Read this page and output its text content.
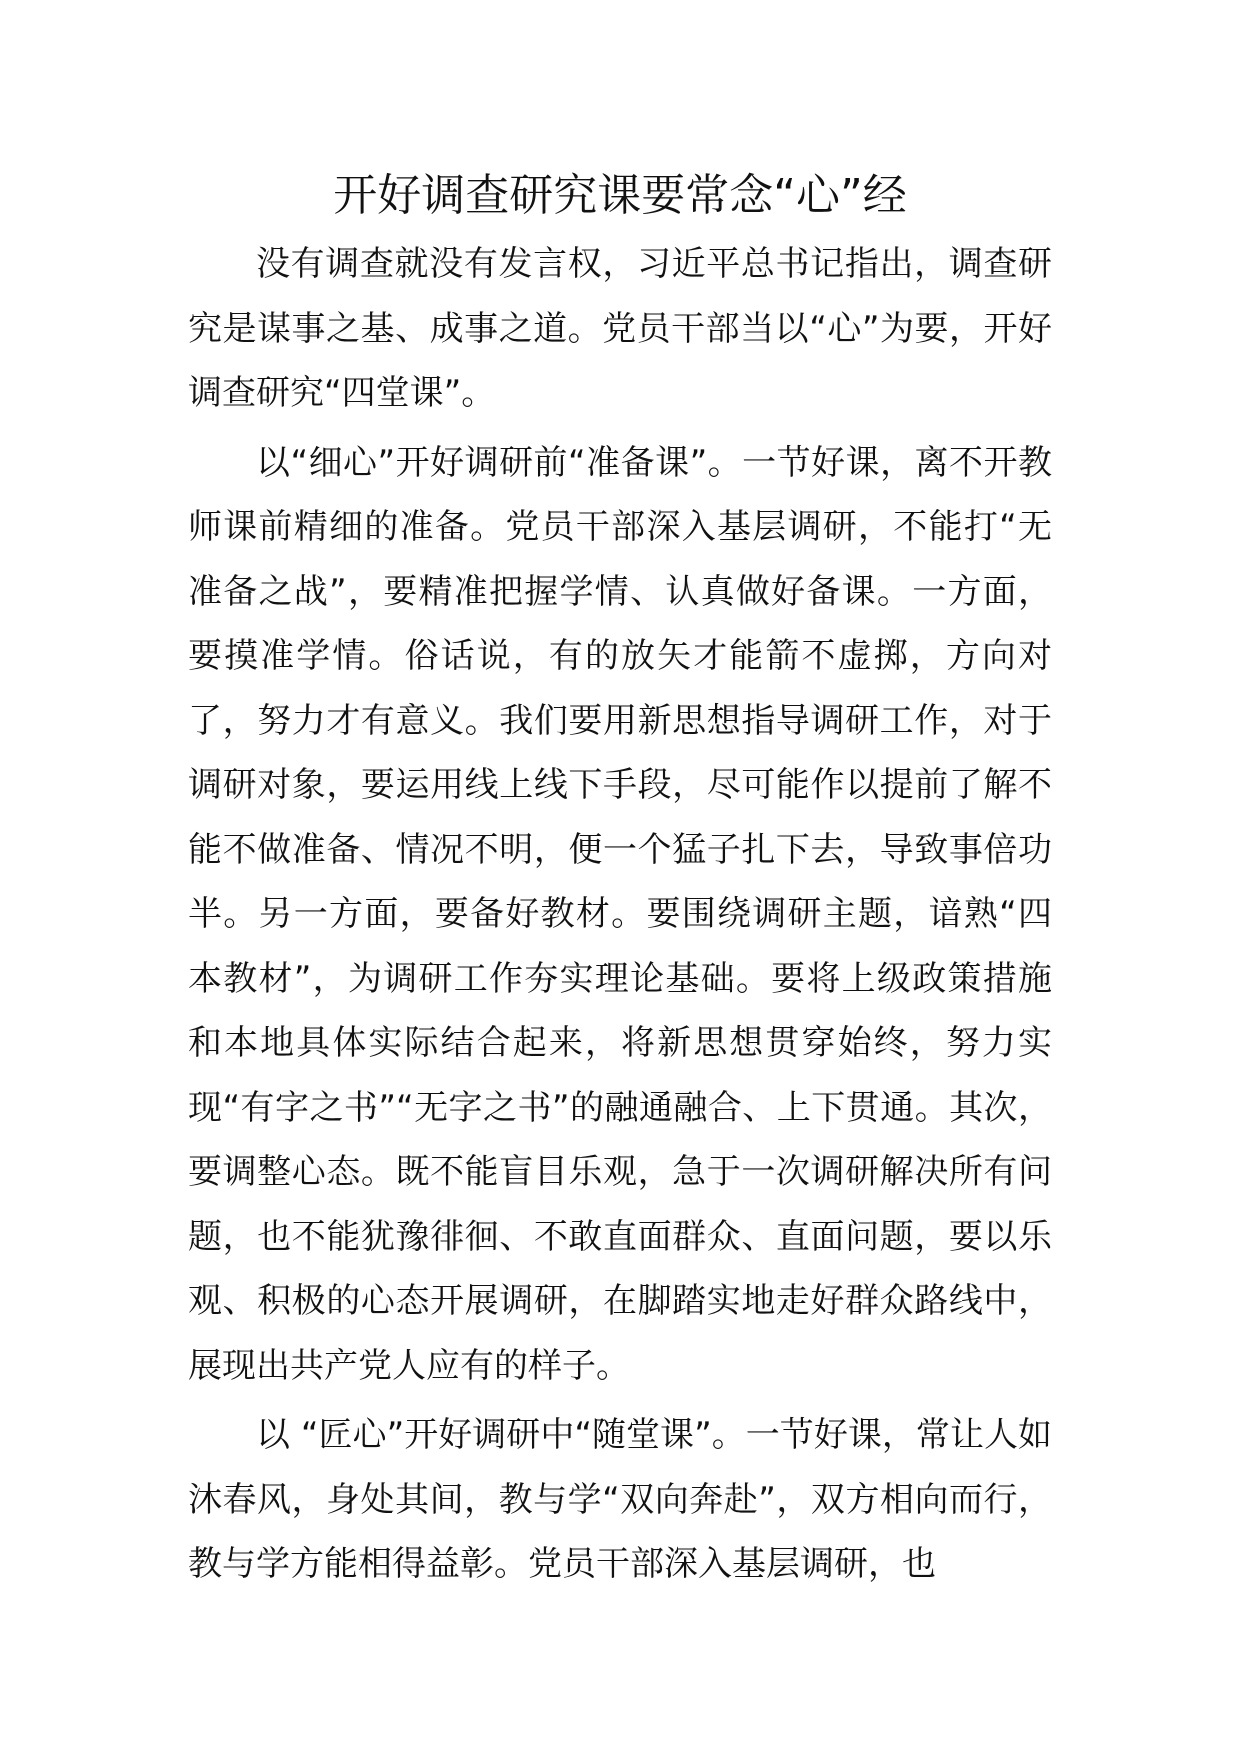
开好调查研究课要常念“心”经

没有调查就没有发言权，习近平总书记指出，调查研究是谋事之基、成事之道。党员干部当以“心”为要，开好调查研究“四堂课”。

以“细心”开好调研前“准备课”。一节好课，离不开教师课前精细的准备。党员干部深入基层调研，不能打“无准备之战”，要精准把握学情、认真做好备课。一方面，要摸准学情。俗话说，有的放矢才能箭不虚掷，方向对了，努力才有意义。我们要用新思想指导调研工作，对于调研对象，要运用线上线下手段，尽可能作以提前了解不能不做准备、情况不明，便一个猛子扎下去，导致事倍功半。另一方面，要备好教材。要围绕调研主题，谙熟“四本教材”，为调研工作夯实理论基础。要将上级政策措施和本地具体实际结合起来，将新思想贯穿始终，努力实现“有字之书”“无字之书”的融通融合、上下贯通。其次，要调整心态。既不能盲目乐观，急于一次调研解决所有问题，也不能犹豫徘徊、不敢直面群众、直面问题，要以乐观、积极的心态开展调研，在脚踏实地走好群众路线中，展现出共产党人应有的样子。

以 “匠心”开好调研中“随堂课”。一节好课，常让人如沐春风，身处其间，教与学“双向奔赴”，双方相向而行，教与学方能相得益彰。党员干部深入基层调研，也
